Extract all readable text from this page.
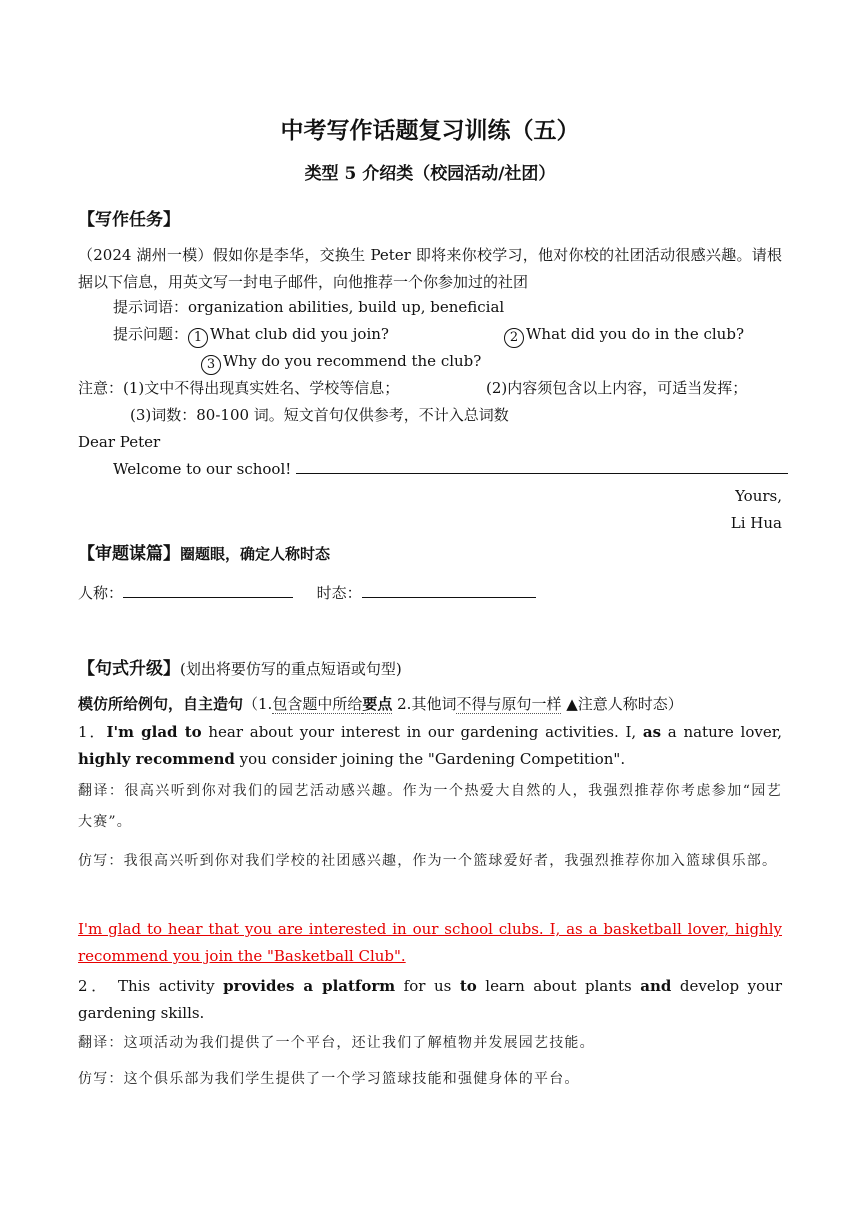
中考写作话题复习训练（五）
类型 5 介绍类（校园活动/社团）
【写作任务】
（2024 湖州一模）假如你是李华，交换生 Peter 即将来你校学习，他对你校的社团活动很感兴趣。请根据以下信息，用英文写一封电子邮件，向他推荐一个你参加过的社团
提示词语：organization abilities, build up, beneficial
提示问题： 1 What club did you join?	2 What did you do in the club?
3 Why do you recommend the club?
注意：(1)文中不得出现真实姓名、学校等信息；	(2)内容须包含以上内容，可适当发挥；
(3)词数：80-100 词。短文首句仅供参考，不计入总词数
Dear Peter
Welcome to our school!
Yours,
Li Hua
【审题谋篇】圈题眼，确定人称时态
人称：	时态：
【句式升级】(划出将要仿写的重点短语或句型)
模仿所给例句，自主造句（1.包含题中所给要点 2.其他词不得与原句一样 ▲注意人称时态）
1．I'm glad to hear about your interest in our gardening activities. I, as a nature lover, highly recommend you consider joining the "Gardening Competition".
翻译：很高兴听到你对我们的园艺活动感兴趣。作为一个热爱大自然的人，我强烈推荐你考虑参加“园艺大赛”。
仿写：我很高兴听到你对我们学校的社团感兴趣，作为一个篮球爱好者，我强烈推荐你加入篮球俱乐部。
I'm glad to hear that you are interested in our school clubs. I, as a basketball lover, highly recommend you join the "Basketball Club".
2． This activity provides a platform for us to learn about plants and develop your gardening skills.
翻译：这项活动为我们提供了一个平台，还让我们了解植物并发展园艺技能。
仿写：这个俱乐部为我们学生提供了一个学习篮球技能和强健身体的平台。
